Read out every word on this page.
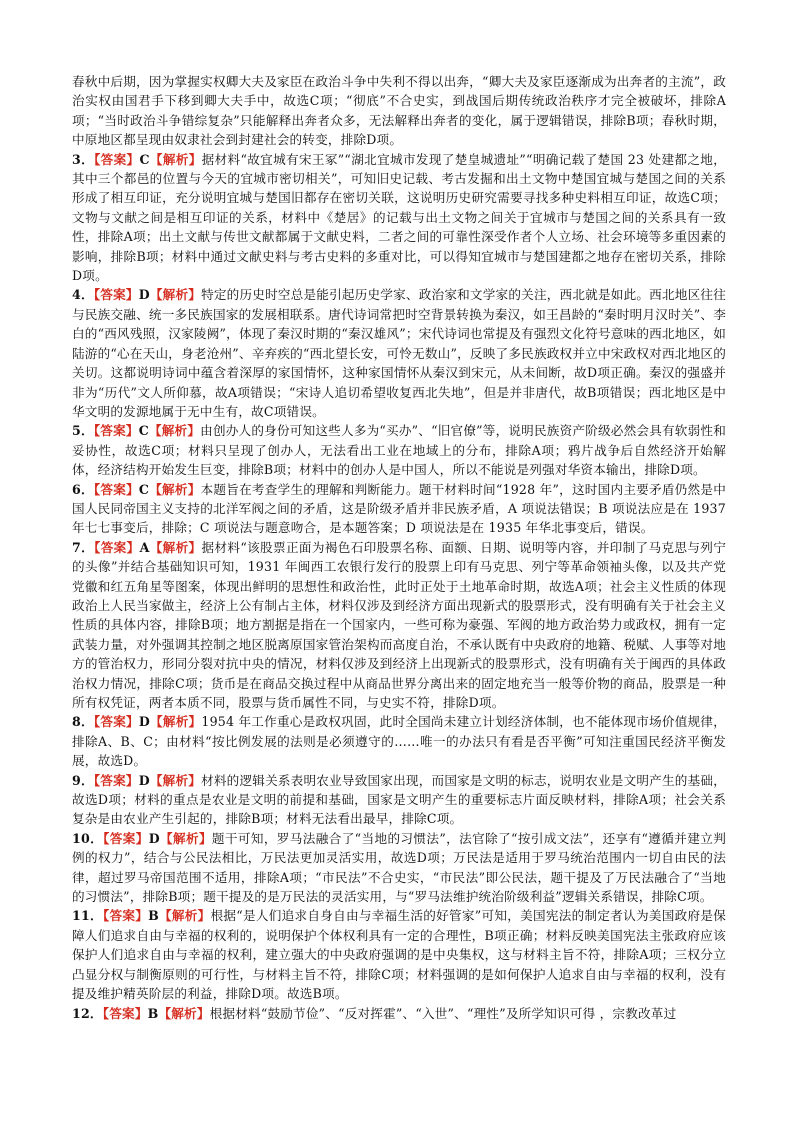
春秋中后期，因为掌握实权卿大夫及家臣在政治斗争中失利不得以出奔，“卿大夫及家臣逐渐成为出奔者的主流”，政治实权由国君手下移到卿大夫手中，故选C项；“彻底”不合史实，到战国后期传统政治秩序才完全被破坏，排除A项；“当时政治斗争错综复杂”只能解释出奔者众多，无法解释出奔者的变化，属于逻辑错误，排除B项；春秋时期，中原地区都呈现由奴隶社会到封建社会的转变，排除D项。

3．【答案】C【解析】据材料“故宜城有宋王冢”“湖北宜城市发现了楚皇城遗址”“明确记载了楚国 23 处建都之地，其中三个都邑的位置与今天的宜城市密切相关”，可知旧史记载、考古发掘和出土文物中楚国宜城与楚国之间的关系形成了相互印证，充分说明宜城与楚国旧都存在密切关联，这说明历史研究需要寻找多种史料相互印证，故选C项；文物与文献之间是相互印证的关系，材料中《楚居》的记载与出土文物之间关于宜城市与楚国之间的关系具有一致性，排除A项；出土文献与传世文献都属于文献史料，二者之间的可靠性深受作者个人立场、社会环境等多重因素的影响，排除B项；材料中通过文献史料与考古史料的多重对比，可以得知宜城市与楚国建都之地存在密切关系，排除D项。

4．【答案】D【解析】特定的历史时空总是能引起历史学家、政治家和文学家的关注，西北就是如此。西北地区往往与民族交融、统一多民族国家的发展相联系。唐代诗词常把时空背景转换为秦汉，如王昌龄的“秦时明月汉时关”、李白的“西风残照，汉家陵阙”，体现了秦汉时期的“秦汉雄风”；宋代诗词也常提及有强烈文化符号意味的西北地区，如陆游的“心在天山，身老沧州”、辛弃疾的“西北望长安，可怜无数山”，反映了多民族政权并立中宋政权对西北地区的关切。这都说明诗词中蕴含着深厚的家国情怀，这种家国情怀从秦汉到宋元，从未间断，故D项正确。秦汉的强盛并非为“历代”文人所仰慕，故A项错误；“宋诗人追切希望收复西北失地”，但是并非唐代，故B项错误；西北地区是中华文明的发源地属于无中生有，故C项错误。

5．【答案】C【解析】由创办人的身份可知这些人多为“买办”、“旧官僚”等，说明民族资产阶级必然会具有软弱性和妥协性，故选C项；材料只呈现了创办人，无法看出工业在地域上的分布，排除A项；鸦片战争后自然经济开始解体，经济结构开始发生巨变，排除B项；材料中的创办人是中国人，所以不能说是列强对华资本输出，排除D项。

6．【答案】C【解析】本题旨在考查学生的理解和判断能力。题干材料时间“1928 年”，这时国内主要矛盾仍然是中国人民同帝国主义支持的北洋军阀之间的矛盾，这是阶级矛盾并非民族矛盾，A 项说法错误；B 项说法应是在 1937 年七七事变后，排除；C 项说法与题意吻合，是本题答案；D 项说法是在 1935 年华北事变后，错误。

7．【答案】A【解析】据材料“该股票正面为褐色石印股票名称、面额、日期、说明等内容，并印制了马克思与列宁的头像”并结合基础知识可知，1931 年闽西工农银行发行的股票上印有马克思、列宁等革命领袖头像，以及共产党党徽和红五角星等图案，体现出鲜明的思想性和政治性，此时正处于土地革命时期，故选A项；社会主义性质的体现政治上人民当家做主，经济上公有制占主体，材料仅涉及到经济方面出现新式的股票形式，没有明确有关于社会主义性质的具体内容，排除B项；地方割据是指在一个国家内，一些可称为豪强、军阀的地方政治势力或政权，拥有一定武装力量，对外强调其控制之地区脱离原国家管治架构而高度自治，不承认既有中央政府的地籍、税赋、人事等对地方的管治权力，形同分裂对抗中央的情况，材料仅涉及到经济上出现新式的股票形式，没有明确有关于闽西的具体政治权力情况，排除C项；货币是在商品交换过程中从商品世界分离出来的固定地充当一般等价物的商品，股票是一种所有权凭证，两者本质不同，股票与货币属性不同，与史实不符，排除D项。

8．【答案】D【解析】1954 年工作重心是政权巩固，此时全国尚未建立计划经济体制，也不能体现市场价值规律，排除A、B、C；由材料“按比例发展的法则是必须遵守的……唯一的办法只有看是否平衡”可知注重国民经济平衡发展，故选D。

9．【答案】D【解析】材料的逻辑关系表明农业导致国家出现，而国家是文明的标志，说明农业是文明产生的基础，故选D项；材料的重点是农业是文明的前提和基础，国家是文明产生的重要标志片面反映材料，排除A项；社会关系复杂是由农业产生引起的，排除B项；材料无法看出最早，排除C项。

10．【答案】D【解析】题干可知，罗马法融合了“当地的习惯法”，法官除了“按引成文法”，还享有“遵循并建立判例的权力”，结合与公民法相比，万民法更加灵活实用，故选D项；万民法是适用于罗马统治范围内一切自由民的法律，超过罗马帝国范围不适用，排除A项；“市民法”不合史实，“市民法”即公民法，题干提及了万民法融合了“当地的习惯法”，排除B项；题干提及的是万民法的灵活实用，与“罗马法维护统治阶级利益”逻辑关系错误，排除C项。

11．【答案】B【解析】根据“是人们追求自身自由与幸福生活的好管家”可知，美国宪法的制定者认为美国政府是保障人们追求自由与幸福的权利的，说明保护个体权利具有一定的合理性，B项正确；材料反映美国宪法主张政府应该保护人们追求自由与幸福的权利，建立强大的中央政府强调的是中央集权，这与材料主旨不符，排除A项；三权分立凸显分权与制衡原则的可行性，与材料主旨不符，排除C项；材料强调的是如何保护人追求自由与幸福的权利，没有提及维护精英阶层的利益，排除D项。故选B项。

12．【答案】B【解析】根据材料“鼓励节俭”、“反对挥霍”、“入世”、“理性”及所学知识可得 ，宗教改革过
